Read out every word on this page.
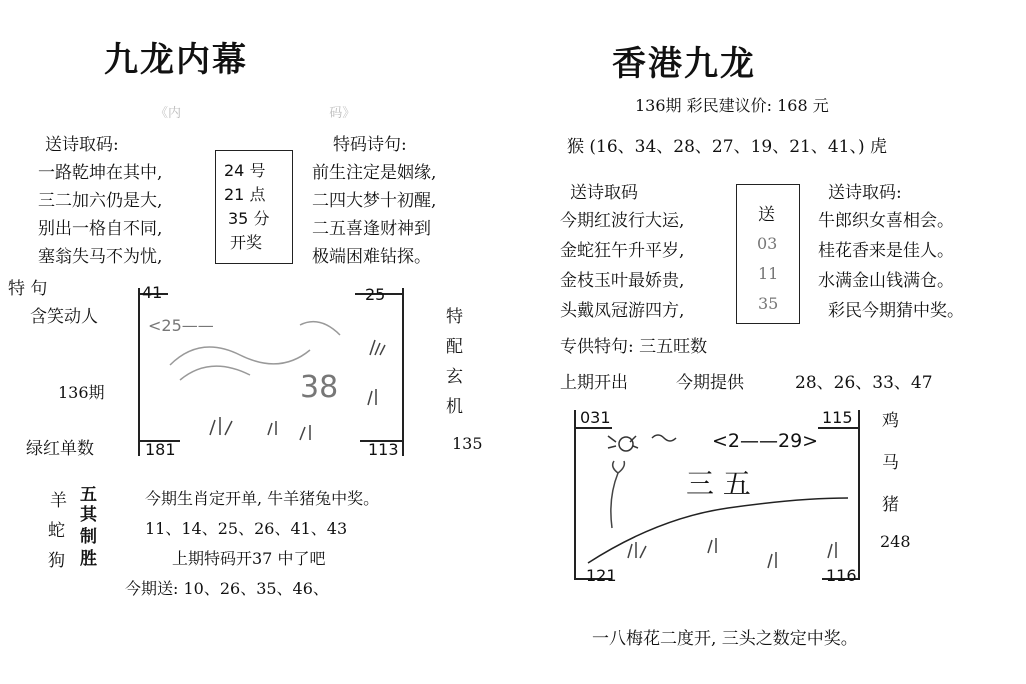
九龙内幕
《内	码》
送诗取码:	特码诗句:
一路乾坤在其中,
三二加六仍是大,
别出一格自不同,
塞翁失马不为忧,
24 号
21 点
35 分
开奖
前生注定是姻缘,
二四大梦十初醒,
二五喜逢财神到
极端困难钻探。
特 句
含笑动人
136期
绿红单数
41	25
181	113
<25——
38
特
配
玄
机
135
羊
蛇
狗
五
其
制
胜
今期生肖定开单, 牛羊猪兔中奖。
11、14、25、26、41、43
上期特码开37 中了吧
今期送: 10、26、35、46、
香港九龙
136期 彩民建议价: 168 元
猴 (16、34、28、27、19、21、41、) 虎
送诗取码	送诗取码:
今期红波行大运,
金蛇狂午升平岁,
金枝玉叶最娇贵,
头戴凤冠游四方,
送
03
11
35
牛郎织女喜相会。
桂花香来是佳人。
水满金山钱满仓。
彩民今期猜中奖。
专供特句: 三五旺数
上期开出	今期提供	28、26、33、47
031	115
121	116
<2——29>
三 五
鸡
马
猪
248
一八梅花二度开, 三头之数定中奖。
